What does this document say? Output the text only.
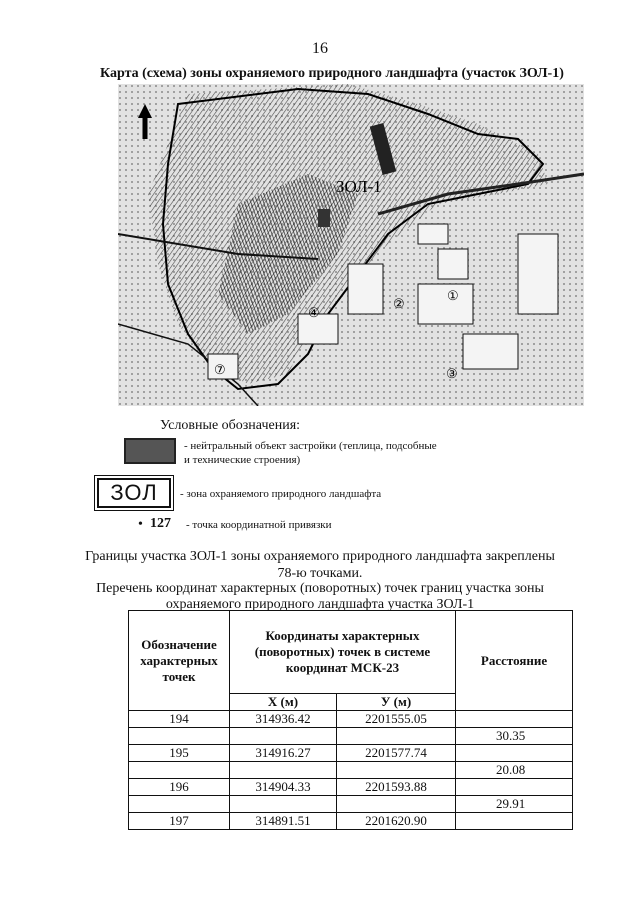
16
Карта (схема) зоны охраняемого природного ландшафта (участок ЗОЛ-1)
ЗОЛ-1
①
②
③
④
⑦
Условные обозначения:
- нейтральный объект застройки (теплица, подсобные и технические строения)
ЗОЛ	- зона охраняемого природного ландшафта
• 127 - точка координатной привязки
Границы участка ЗОЛ-1 зоны охраняемого природного ландшафта закреплены
78-ю точками.
Перечень координат характерных (поворотных) точек границ участка зоны
охраняемого природного ландшафта участка ЗОЛ-1
Обозначение характерных точек	Координаты характерных (поворотных) точек в системе координат МСК-23		Расстояние
	X (м)	У (м)	
194	314936.42	2201555.05	
			30.35
195	314916.27	2201577.74	
			20.08
196	314904.33	2201593.88	
			29.91
197	314891.51	2201620.90	
